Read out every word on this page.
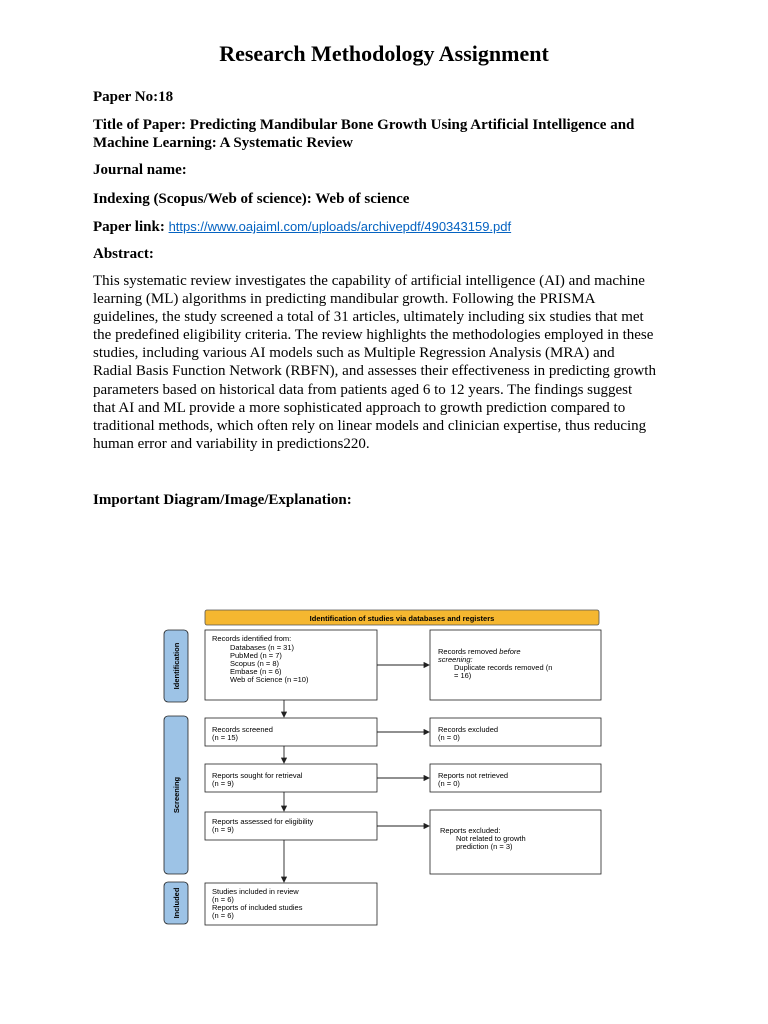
Research Methodology Assignment

Paper No:18

Title of Paper: Predicting Mandibular Bone Growth Using Artificial Intelligence and
Machine Learning: A Systematic Review

Journal name:

Indexing (Scopus/Web of science): Web of science

Paper link: https://www.oajaiml.com/uploads/archivepdf/490343159.pdf

Abstract:

This systematic review investigates the capability of artificial intelligence (AI) and machine
learning (ML) algorithms in predicting mandibular growth. Following the PRISMA
guidelines, the study screened a total of 31 articles, ultimately including six studies that met
the predefined eligibility criteria. The review highlights the methodologies employed in these
studies, including various AI models such as Multiple Regression Analysis (MRA) and
Radial Basis Function Network (RBFN), and assesses their effectiveness in predicting growth
parameters based on historical data from patients aged 6 to 12 years. The findings suggest
that AI and ML provide a more sophisticated approach to growth prediction compared to
traditional methods, which often rely on linear models and clinician expertise, thus reducing
human error and variability in predictions220.

Important Diagram/Image/Explanation:

Identification of studies via databases and registers
Identification
Screening
Included
Records identified from:
Databases (n = 31)
PubMed (n = 7)
Scopus (n = 8)
Embase (n = 6)
Web of Science (n =10)
Records removed before
screening:
Duplicate records removed (n
= 16)
Records screened
(n = 15)
Records excluded
(n = 0)
Reports sought for retrieval
(n = 9)
Reports not retrieved
(n = 0)
Reports assessed for eligibility
(n = 9)	Reports excluded:
Not related to growth
prediction (n = 3)
Studies included in review
(n = 6)
Reports of included studies
(n = 6)
